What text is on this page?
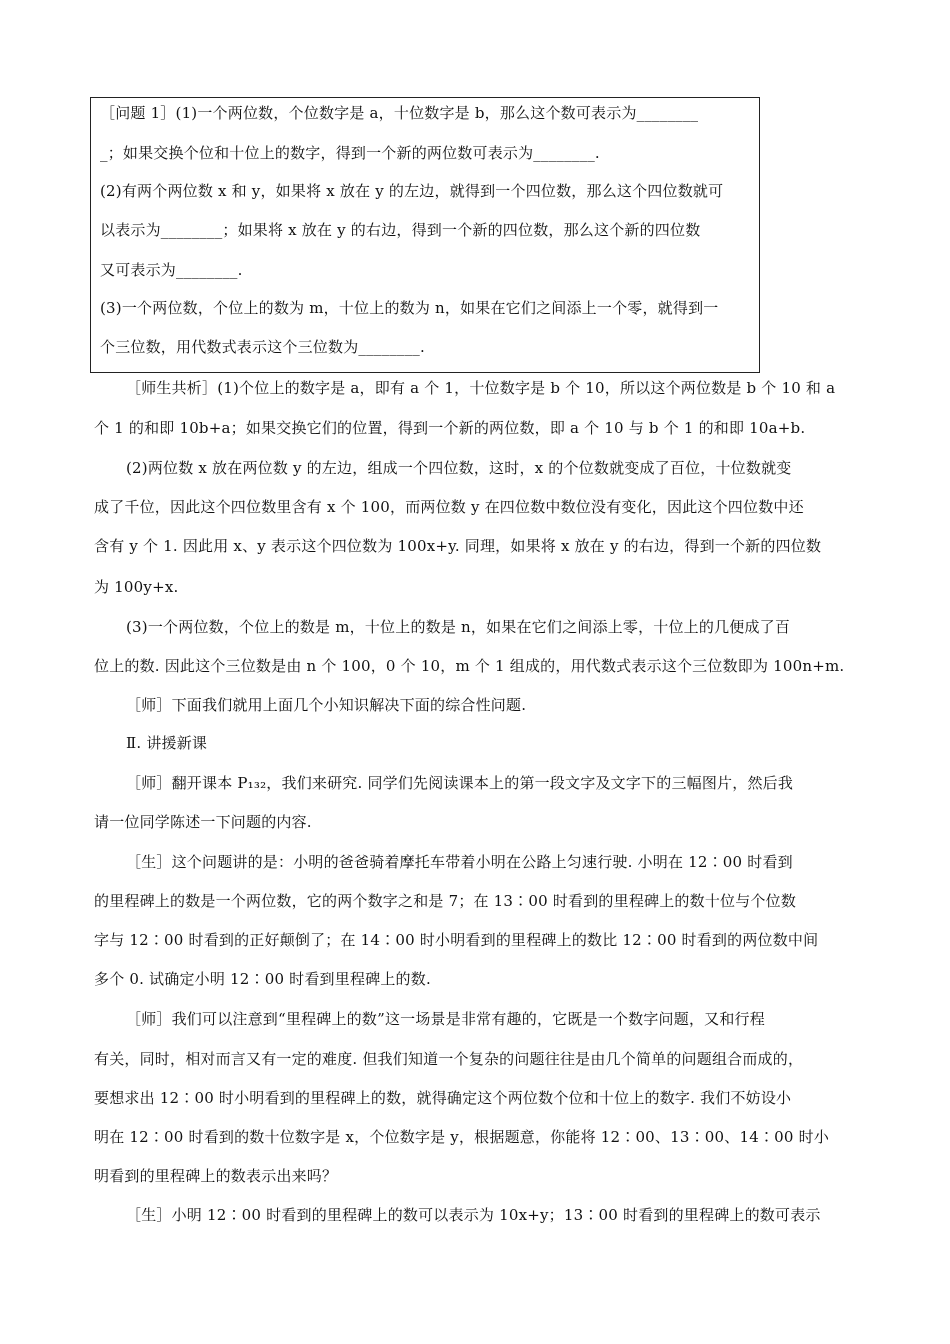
［问题 1］(1)一个两位数，个位数字是 a，十位数字是 b，那么这个数可表示为________
_；如果交换个位和十位上的数字，得到一个新的两位数可表示为________.
(2)有两个两位数 x 和 y，如果将 x 放在 y 的左边，就得到一个四位数，那么这个四位数就可
以表示为________；如果将 x 放在 y 的右边，得到一个新的四位数，那么这个新的四位数
又可表示为________.
(3)一个两位数，个位上的数为 m，十位上的数为 n，如果在它们之间添上一个零，就得到一
个三位数，用代数式表示这个三位数为________.
［师生共析］(1)个位上的数字是 a，即有 a 个 1，十位数字是 b 个 10，所以这个两位数是 b 个 10 和 a
个 1 的和即 10b+a；如果交换它们的位置，得到一个新的两位数，即 a 个 10 与 b 个 1 的和即 10a+b.
(2)两位数 x 放在两位数 y 的左边，组成一个四位数，这时，x 的个位数就变成了百位，十位数就变
成了千位，因此这个四位数里含有 x 个 100，而两位数 y 在四位数中数位没有变化，因此这个四位数中还
含有 y 个 1. 因此用 x、y 表示这个四位数为 100x+y. 同理，如果将 x 放在 y 的右边，得到一个新的四位数
为 100y+x.
(3)一个两位数，个位上的数是 m，十位上的数是 n，如果在它们之间添上零，十位上的几便成了百
位上的数. 因此这个三位数是由 n 个 100，0 个 10，m 个 1 组成的，用代数式表示这个三位数即为 100n+m.
［师］下面我们就用上面几个小知识解决下面的综合性问题.
Ⅱ. 讲援新课
［师］翻开课本 P₁₃₂，我们来研究. 同学们先阅读课本上的第一段文字及文字下的三幅图片，然后我
请一位同学陈述一下问题的内容.
［生］这个问题讲的是：小明的爸爸骑着摩托车带着小明在公路上匀速行驶. 小明在 12∶00 时看到
的里程碑上的数是一个两位数，它的两个数字之和是 7；在 13∶00 时看到的里程碑上的数十位与个位数
字与 12∶00 时看到的正好颠倒了；在 14∶00 时小明看到的里程碑上的数比 12∶00 时看到的两位数中间
多个 0. 试确定小明 12∶00 时看到里程碑上的数.
［师］我们可以注意到“里程碑上的数”这一场景是非常有趣的，它既是一个数字问题，又和行程
有关，同时，相对而言又有一定的难度. 但我们知道一个复杂的问题往往是由几个简单的问题组合而成的，
要想求出 12∶00 时小明看到的里程碑上的数，就得确定这个两位数个位和十位上的数字. 我们不妨设小
明在 12∶00 时看到的数十位数字是 x，个位数字是 y，根据题意，你能将 12∶00、13∶00、14∶00 时小
明看到的里程碑上的数表示出来吗？
［生］小明 12∶00 时看到的里程碑上的数可以表示为 10x+y；13∶00 时看到的里程碑上的数可表示
